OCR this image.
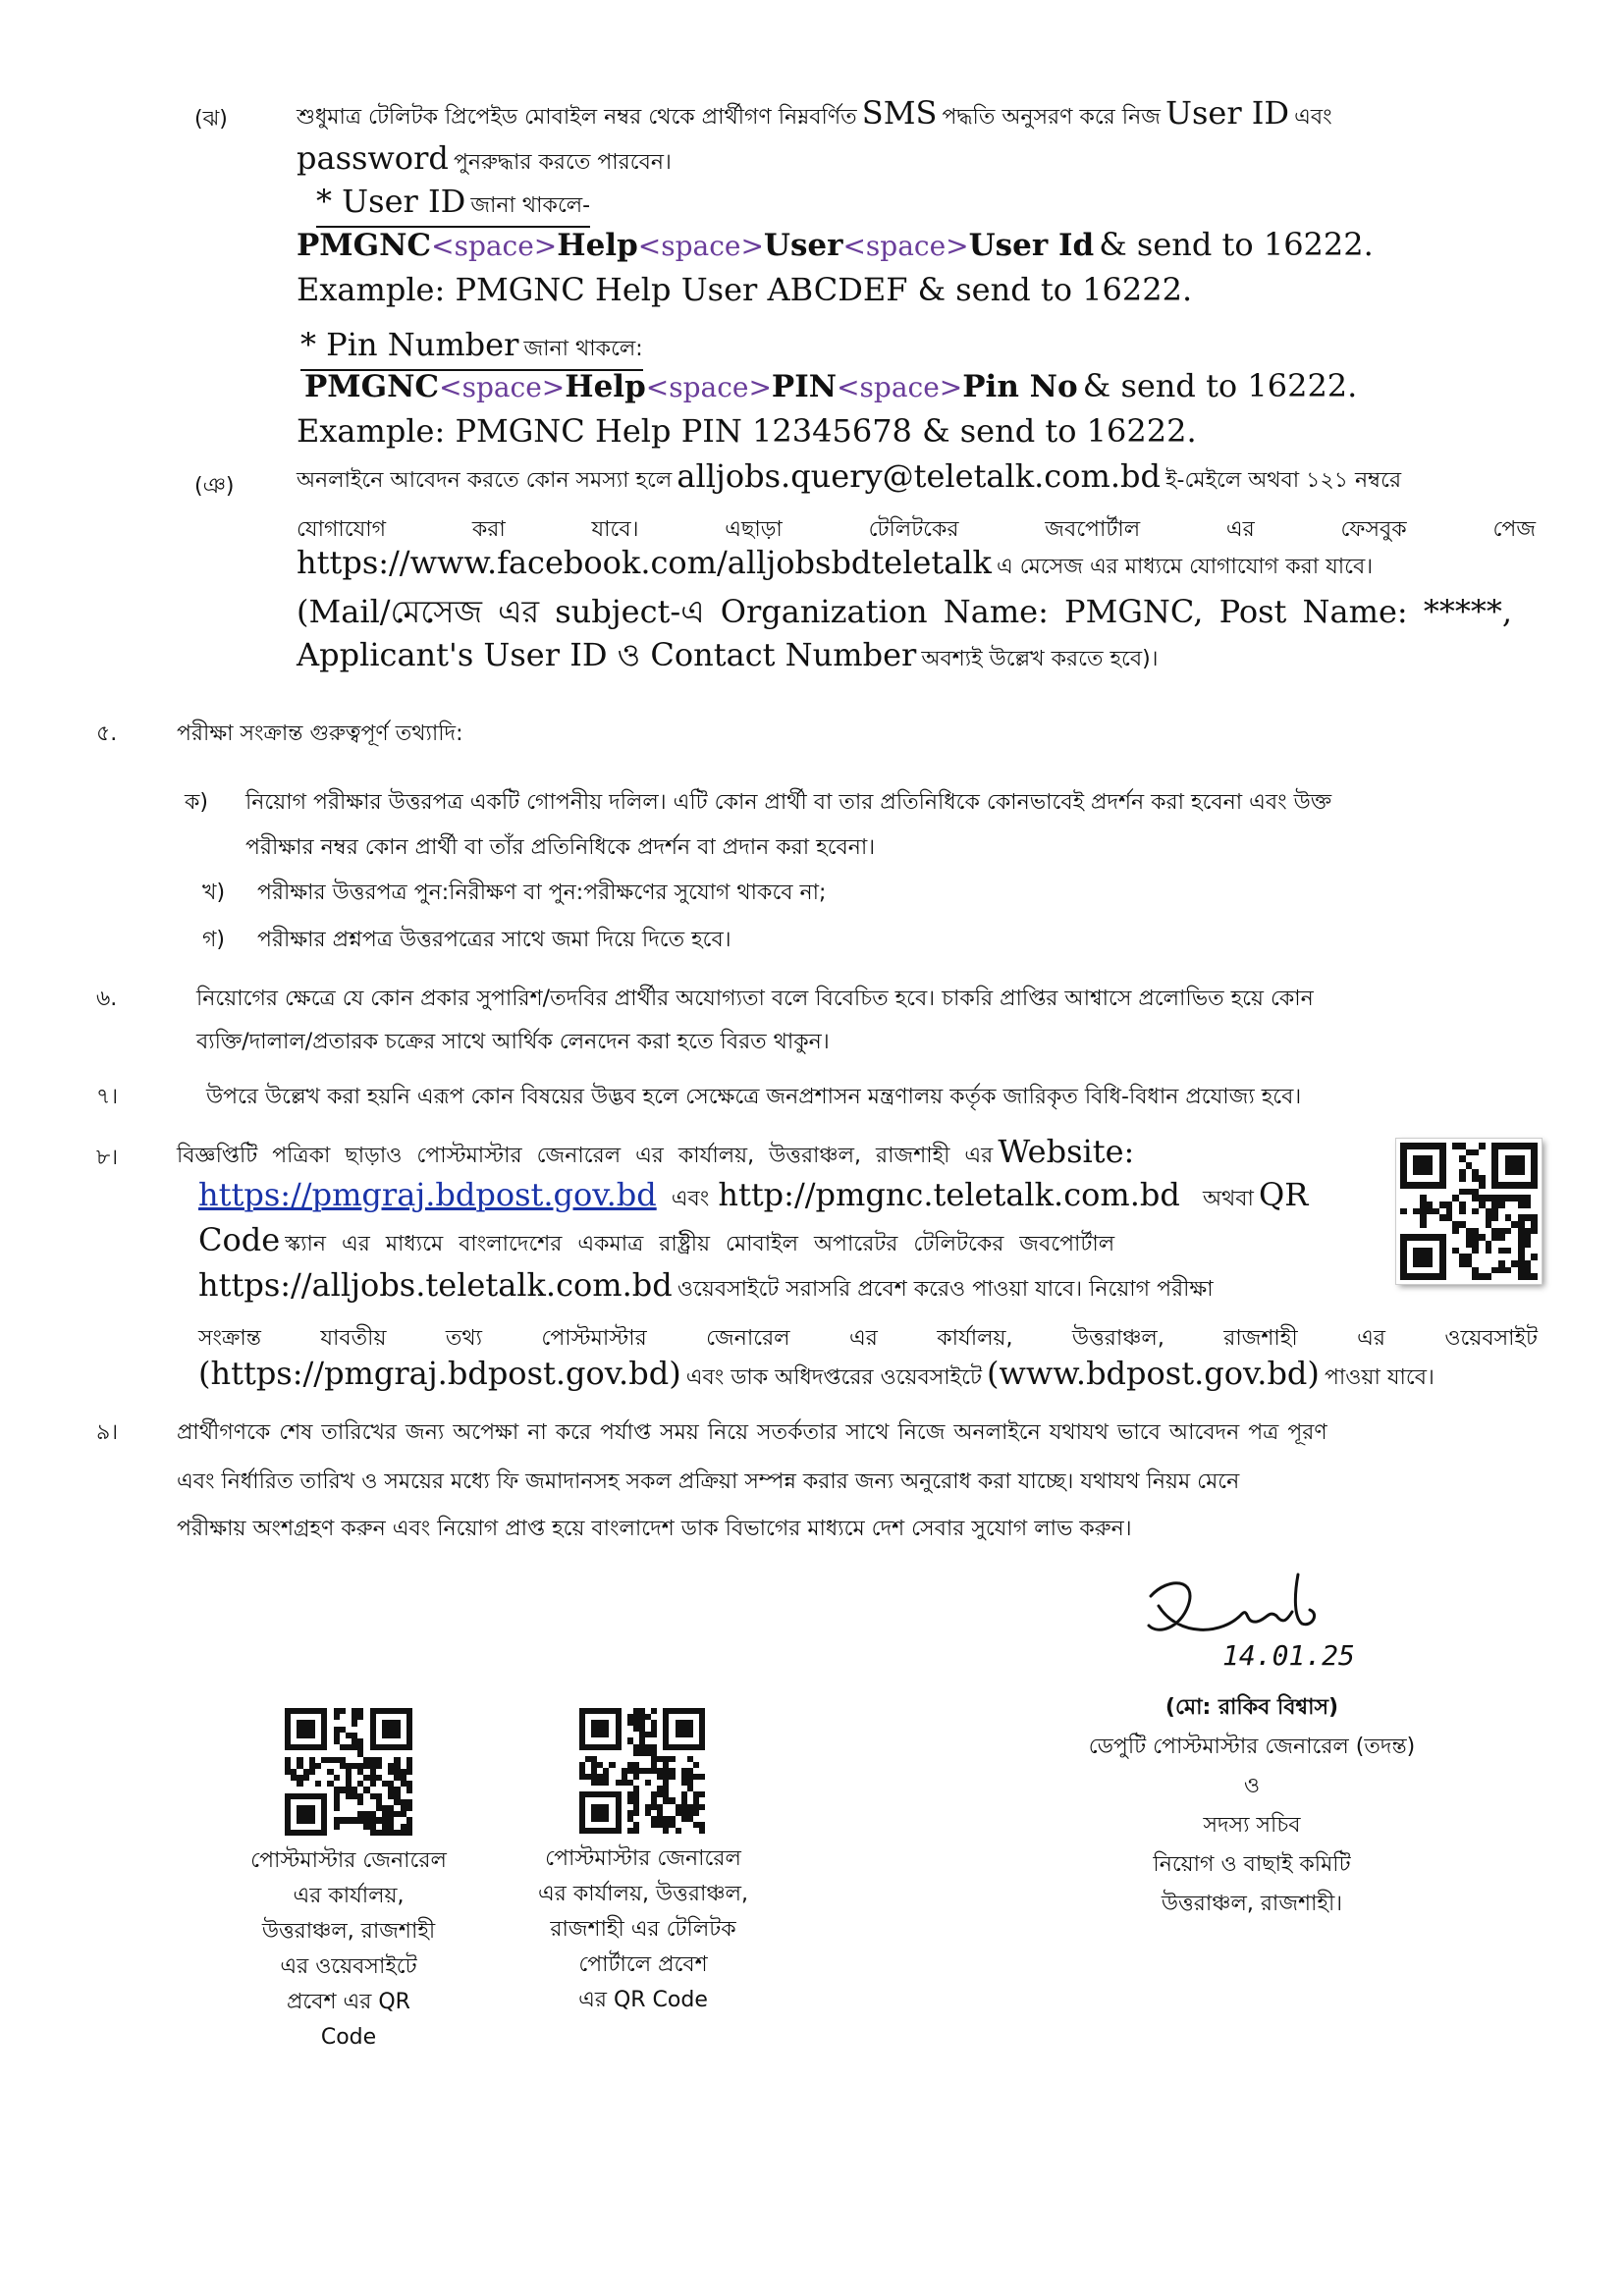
(ঝ)	শুধুমাত্র টেলিটক প্রিপেইড মোবাইল নম্বর থেকে প্রার্থীগণ নিম্নবর্ণিত SMS পদ্ধতি অনুসরণ করে নিজ User ID এবং
password পুনরুদ্ধার করতে পারবেন।
* User ID জানা থাকলে-
PMGNC<space>Help<space>User<space>User Id & send to 16222.
Example: PMGNC Help User ABCDEF & send to 16222.
* Pin Number জানা থাকলে:
PMGNC<space>Help<space>PIN<space>Pin No & send to 16222.
Example: PMGNC Help PIN 12345678 & send to 16222.
(ঞ)	অনলাইনে আবেদন করতে কোন সমস্যা হলে alljobs.query@teletalk.com.bd ই-মেইলে অথবা ১২১ নম্বরে
যোগাযোগ	করা	যাবে।	এছাড়া	টেলিটকের	জবপোর্টাল	এর	ফেসবুক	পেজ
https://www.facebook.com/alljobsbdteletalk এ মেসেজ এর মাধ্যমে যোগাযোগ করা যাবে।
(Mail/মেসেজ এর subject-এ Organization Name: PMGNC, Post Name: *****,
Applicant's User ID ও Contact Number অবশ্যই উল্লেখ করতে হবে)।
৫.	পরীক্ষা সংক্রান্ত গুরুত্বপূর্ণ তথ্যাদি:
ক) নিয়োগ পরীক্ষার উত্তরপত্র একটি গোপনীয় দলিল। এটি কোন প্রার্থী বা তার প্রতিনিধিকে কোনভাবেই প্রদর্শন করা হবেনা এবং উক্ত
পরীক্ষার নম্বর কোন প্রার্থী বা তাঁর প্রতিনিধিকে প্রদর্শন বা প্রদান করা হবেনা।
খ) পরীক্ষার উত্তরপত্র পুন:নিরীক্ষণ বা পুন:পরীক্ষণের সুযোগ থাকবে না;
গ) পরীক্ষার প্রশ্নপত্র উত্তরপত্রের সাথে জমা দিয়ে দিতে হবে।
৬.	নিয়োগের ক্ষেত্রে যে কোন প্রকার সুপারিশ/তদবির প্রার্থীর অযোগ্যতা বলে বিবেচিত হবে। চাকরি প্রাপ্তির আশ্বাসে প্রলোভিত হয়ে কোন
ব্যক্তি/দালাল/প্রতারক চক্রের সাথে আর্থিক লেনদেন করা হতে বিরত থাকুন।
৭।	উপরে উল্লেখ করা হয়নি এরূপ কোন বিষয়ের উদ্ভব হলে সেক্ষেত্রে জনপ্রশাসন মন্ত্রণালয় কর্তৃক জারিকৃত বিধি-বিধান প্রযোজ্য হবে।
৮।	বিজ্ঞপ্তিটি পত্রিকা ছাড়াও পোস্টমাস্টার জেনারেল এর কার্যালয়, উত্তরাঞ্চল, রাজশাহী এর Website:
https://pmgraj.bdpost.gov.bd এবং http://pmgnc.teletalk.com.bd অথবা QR
Code স্ক্যান এর মাধ্যমে বাংলাদেশের একমাত্র রাষ্ট্রীয় মোবাইল অপারেটর টেলিটকের জবপোর্টাল
https://alljobs.teletalk.com.bd ওয়েবসাইটে সরাসরি প্রবেশ করেও পাওয়া যাবে। নিয়োগ পরীক্ষা
সংক্রান্ত	যাবতীয়	তথ্য	পোস্টমাস্টার	জেনারেল	এর	কার্যালয়,	উত্তরাঞ্চল,	রাজশাহী	এর	ওয়েবসাইট
(https://pmgraj.bdpost.gov.bd) এবং ডাক অধিদপ্তরের ওয়েবসাইটে (www.bdpost.gov.bd) পাওয়া যাবে।
৯।	প্রার্থীগণকে শেষ তারিখের জন্য অপেক্ষা না করে পর্যাপ্ত সময় নিয়ে সতর্কতার সাথে নিজে অনলাইনে যথাযথ ভাবে আবেদন পত্র পূরণ
এবং নির্ধারিত তারিখ ও সময়ের মধ্যে ফি জমাদানসহ সকল প্রক্রিয়া সম্পন্ন করার জন্য অনুরোধ করা যাচ্ছে। যথাযথ নিয়ম মেনে
পরীক্ষায় অংশগ্রহণ করুন এবং নিয়োগ প্রাপ্ত হয়ে বাংলাদেশ ডাক বিভাগের মাধ্যমে দেশ সেবার সুযোগ লাভ করুন।
14.01.25
(মো: রাকিব বিশ্বাস)
ডেপুটি পোস্টমাস্টার জেনারেল (তদন্ত)
ও
সদস্য সচিব
নিয়োগ ও বাছাই কমিটি
উত্তরাঞ্চল, রাজশাহী।
পোস্টমাস্টার জেনারেল
এর কার্যালয়,
উত্তরাঞ্চল, রাজশাহী
এর ওয়েবসাইটে
প্রবেশ এর QR
Code
পোস্টমাস্টার জেনারেল
এর কার্যালয়, উত্তরাঞ্চল,
রাজশাহী এর টেলিটক
পোর্টালে প্রবেশ
এর QR Code
